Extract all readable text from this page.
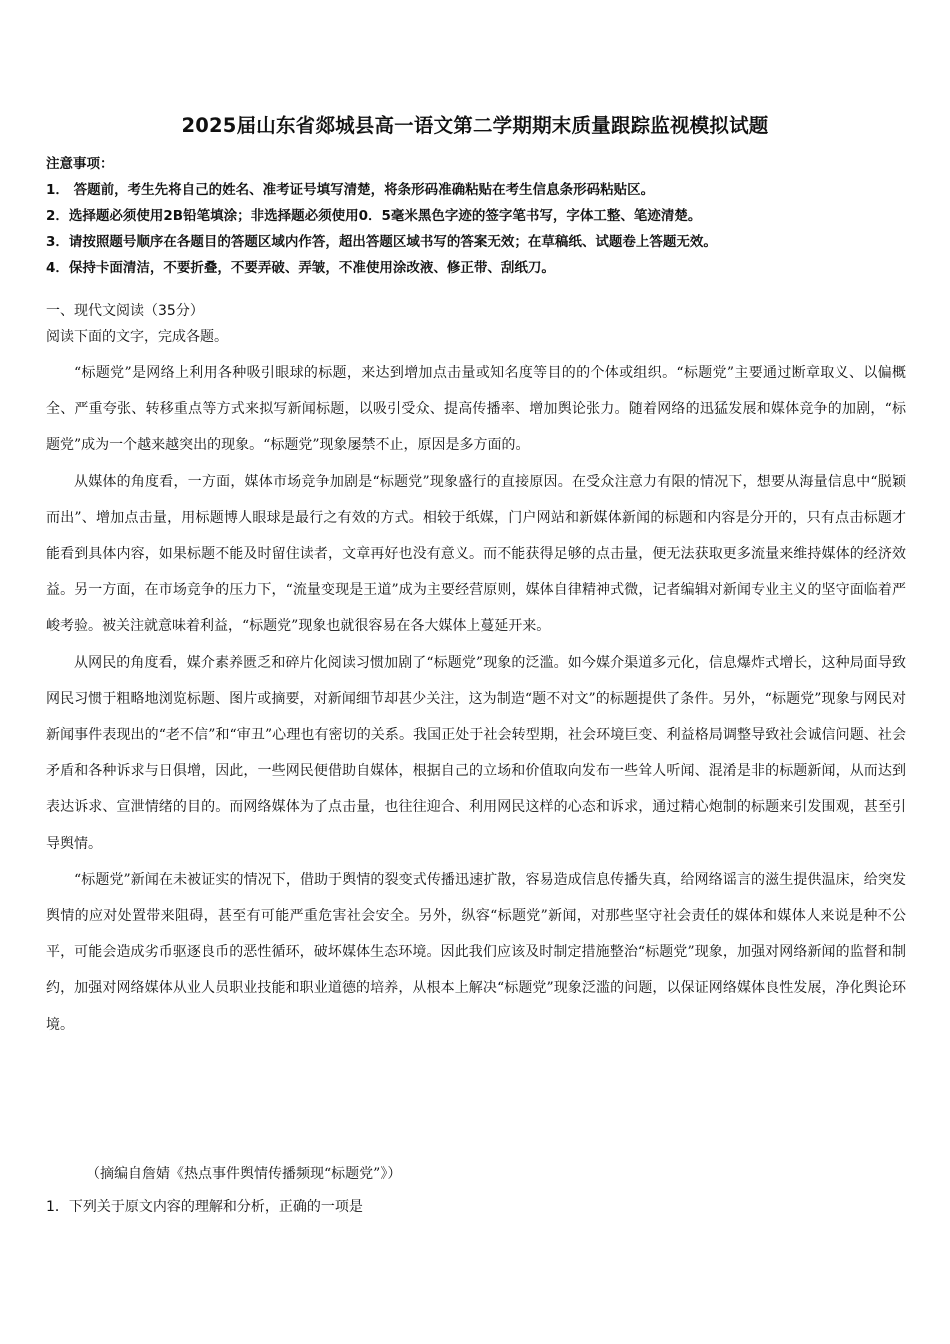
2025届山东省郯城县高一语文第二学期期末质量跟踪监视模拟试题
注意事项：
1． 答题前，考生先将自己的姓名、准考证号填写清楚，将条形码准确粘贴在考生信息条形码粘贴区。
2．选择题必须使用2B铅笔填涂；非选择题必须使用0．5毫米黑色字迹的签字笔书写，字体工整、笔迹清楚。
3．请按照题号顺序在各题目的答题区域内作答，超出答题区域书写的答案无效；在草稿纸、试题卷上答题无效。
4．保持卡面清洁，不要折叠，不要弄破、弄皱，不准使用涂改液、修正带、刮纸刀。
一、现代文阅读（35分）
阅读下面的文字，完成各题。

“标题党”是网络上利用各种吸引眼球的标题，来达到增加点击量或知名度等目的的个体或组织。“标题党”主要通过断章取义、以偏概全、严重夸张、转移重点等方式来拟写新闻标题，以吸引受众、提高传播率、增加舆论张力。随着网络的迅猛发展和媒体竞争的加剧，“标题党”成为一个越来越突出的现象。“标题党”现象屡禁不止，原因是多方面的。

从媒体的角度看，一方面，媒体市场竞争加剧是“标题党”现象盛行的直接原因。在受众注意力有限的情况下，想要从海量信息中“脱颖而出”、增加点击量，用标题博人眼球是最行之有效的方式。相较于纸媒，门户网站和新媒体新闻的标题和内容是分开的，只有点击标题才能看到具体内容，如果标题不能及时留住读者，文章再好也没有意义。而不能获得足够的点击量，便无法获取更多流量来维持媒体的经济效益。另一方面，在市场竞争的压力下，“流量变现是王道”成为主要经营原则，媒体自律精神式微，记者编辑对新闻专业主义的坚守面临着严峻考验。被关注就意味着利益，“标题党”现象也就很容易在各大媒体上蔓延开来。

从网民的角度看，媒介素养匮乏和碎片化阅读习惯加剧了“标题党”现象的泛滥。如今媒介渠道多元化，信息爆炸式增长，这种局面导致网民习惯于粗略地浏览标题、图片或摘要，对新闻细节却甚少关注，这为制造“题不对文”的标题提供了条件。另外，“标题党”现象与网民对新闻事件表现出的“老不信”和“审丑”心理也有密切的关系。我国正处于社会转型期，社会环境巨变、利益格局调整导致社会诚信问题、社会矛盾和各种诉求与日俱增，因此，一些网民便借助自媒体，根据自己的立场和价值取向发布一些耸人听闻、混淆是非的标题新闻，从而达到表达诉求、宣泄情绪的目的。而网络媒体为了点击量，也往往迎合、利用网民这样的心态和诉求，通过精心炮制的标题来引发围观，甚至引导舆情。

“标题党”新闻在未被证实的情况下，借助于舆情的裂变式传播迅速扩散，容易造成信息传播失真，给网络谣言的滋生提供温床，给突发舆情的应对处置带来阻碍，甚至有可能严重危害社会安全。另外，纵容“标题党”新闻，对那些坚守社会责任的媒体和媒体人来说是种不公平，可能会造成劣币驱逐良币的恶性循环，破坏媒体生态环境。因此我们应该及时制定措施整治“标题党”现象，加强对网络新闻的监督和制约，加强对网络媒体从业人员职业技能和职业道德的培养，从根本上解决“标题党”现象泛滥的问题，以保证网络媒体良性发展，净化舆论环境。

（摘编自詹婧《热点事件舆情传播频现“标题党”》）
1．下列关于原文内容的理解和分析，正确的一项是
